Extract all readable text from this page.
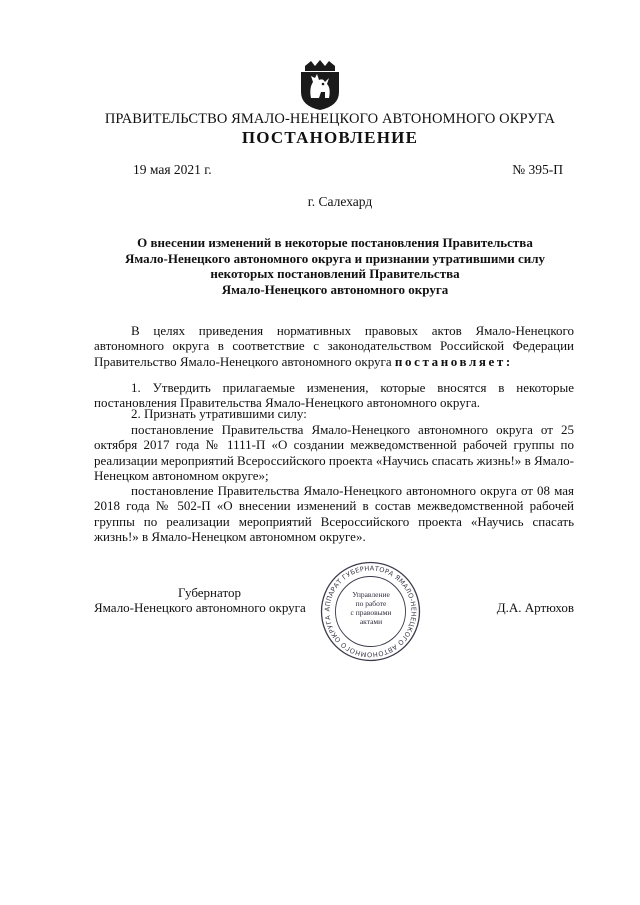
ПРАВИТЕЛЬСТВО ЯМАЛО-НЕНЕЦКОГО АВТОНОМНОГО ОКРУГА
ПОСТАНОВЛЕНИЕ
19 мая 2021 г.	№ 395-П
г. Салехард
О внесении изменений в некоторые постановления Правительства
Ямало-Ненецкого автономного округа и признании утратившими силу
некоторых постановлений Правительства
Ямало-Ненецкого автономного округа
В целях приведения нормативных правовых актов Ямало-Ненецкого автономного округа в соответствие с законодательством Российской Федерации Правительство Ямало-Ненецкого автономного округа постановляет:
1. Утвердить прилагаемые изменения, которые вносятся в некоторые постановления Правительства Ямало-Ненецкого автономного округа.
2. Признать утратившими силу:
постановление Правительства Ямало-Ненецкого автономного округа от 25 октября 2017 года № 1111-П «О создании межведомственной рабочей группы по реализации мероприятий Всероссийского проекта «Научись спасать жизнь!» в Ямало-Ненецком автономном округе»;
постановление Правительства Ямало-Ненецкого автономного округа от 08 мая 2018 года № 502-П «О внесении изменений в состав межведомственной рабочей группы по реализации мероприятий Всероссийского проекта «Научись спасать жизнь!» в Ямало-Ненецком автономном округе».
Губернатор
Ямало-Ненецкого автономного округа	Д.А. Артюхов
АППАРАТ ГУБЕРНАТОРА ЯМАЛО-НЕНЕЦКОГО АВТОНОМНОГО ОКРУГА
Управление
по работе
с правовыми
актами
